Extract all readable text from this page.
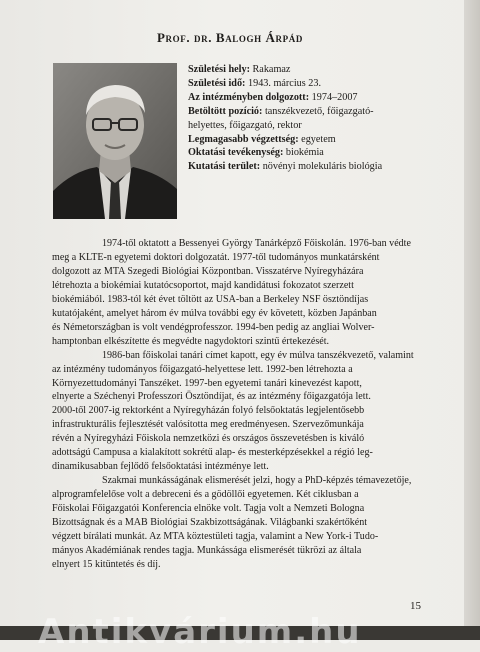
Prof. dr. Balogh Árpád
Születési hely: Rakamaz
Születési idő: 1943. március 23.
Az intézményben dolgozott: 1974–2007
Betöltött pozíció: tanszékvezető, főigazgató-
helyettes, főigazgató, rektor
Legmagasabb végzettség: egyetem
Oktatási tevékenység: biokémia
Kutatási terület: növényi molekuláris biológia
1974-től oktatott a Bessenyei György Tanárképző Főiskolán. 1976-ban védte
meg a KLTE-n egyetemi doktori dolgozatát. 1977-től tudományos munkatársként
dolgozott az MTA Szegedi Biológiai Központban. Visszatérve Nyíregyházára
létrehozta a biokémiai kutatócsoportot, majd kandidátusi fokozatot szerzett
biokémiából. 1983-tól két évet töltött az USA-ban a Berkeley NSF ösztöndíjas
kutatójaként, amelyet három év múlva további egy év követett, közben Japánban
és Németországban is volt vendégprofesszor. 1994-ben pedig az angliai Wolver-
hamptonban elkészítette és megvédte nagydoktori szintű értekezését.
1986-ban főiskolai tanári címet kapott, egy év múlva tanszékvezető, valamint
az intézmény tudományos főigazgató-helyettese lett. 1992-ben létrehozta a
Környezettudományi Tanszéket. 1997-ben egyetemi tanári kinevezést kapott,
elnyerte a Széchenyi Professzori Ösztöndíjat, és az intézmény főigazgatója lett.
2000-től 2007-ig rektorként a Nyíregyházán folyó felsőoktatás legjelentősebb
infrastrukturális fejlesztését valósította meg eredményesen. Szervezőmunkája
révén a Nyíregyházi Főiskola nemzetközi és országos összevetésben is kiváló
adottságú Campusa a kialakított sokrétű alap- és mesterképzésekkel a régió leg-
dinamikusabban fejlődő felsőoktatási intézménye lett.
Szakmai munkásságának elismerését jelzi, hogy a PhD-képzés témavezetője,
alprogramfelelőse volt a debreceni és a gödöllői egyetemen. Két ciklusban a
Főiskolai Főigazgatói Konferencia elnöke volt. Tagja volt a Nemzeti Bologna
Bizottságnak és a MAB Biológiai Szakbizottságának. Világbanki szakértőként
végzett bírálati munkát. Az MTA köztestületi tagja, valamint a New York-i Tudo-
mányos Akadémiának rendes tagja. Munkássága elismerését tükrözi az általa
elnyert 15 kitüntetés és díj.
15
Antikvárium.hu
